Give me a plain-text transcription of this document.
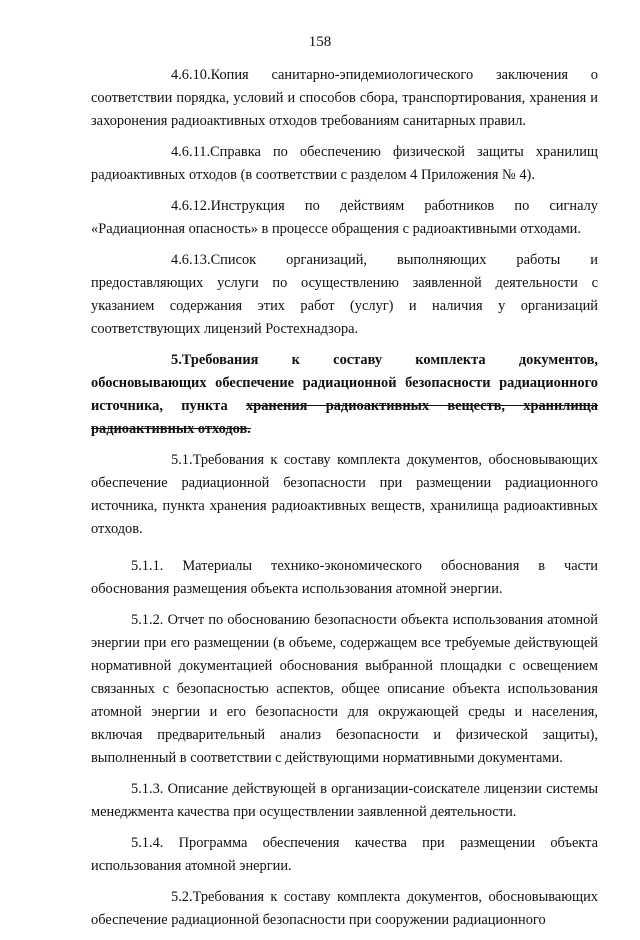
158

4.6.10.Копия санитарно-эпидемиологического заключения о соответствии порядка, условий и способов сбора, транспортирования, хранения и захоронения радиоактивных отходов требованиям санитарных правил.

4.6.11.Справка по обеспечению физической защиты хранилищ радиоактивных отходов (в соответствии с разделом 4 Приложения № 4).

4.6.12.Инструкция по действиям работников по сигналу «Радиационная опасность» в процессе обращения с радиоактивными отходами.

4.6.13.Список организаций, выполняющих работы и предоставляющих услуги по осуществлению заявленной деятельности с указанием содержания этих работ (услуг) и наличия у организаций соответствующих лицензий Ростехнадзора.

5.Требования к составу комплекта документов, обосновывающих обеспечение радиационной безопасности радиационного источника, пункта хранения радиоактивных веществ, хранилища радиоактивных отходов.

5.1.Требования к составу комплекта документов, обосновывающих обеспечение радиационной безопасности при размещении радиационного источника, пункта хранения радиоактивных веществ, хранилища радиоактивных отходов.

5.1.1. Материалы технико-экономического обоснования в части обоснования размещения объекта использования атомной энергии.

5.1.2. Отчет по обоснованию безопасности объекта использования атомной энергии при его размещении (в объеме, содержащем все требуемые действующей нормативной документацией обоснования выбранной площадки с освещением связанных с безопасностью аспектов, общее описание объекта использования атомной энергии и его безопасности для окружающей среды и населения, включая предварительный анализ безопасности и физической защиты), выполненный в соответствии с действующими нормативными документами.

5.1.3. Описание действующей в организации-соискателе лицензии системы менеджмента качества при осуществлении заявленной деятельности.

5.1.4. Программа обеспечения качества при размещении объекта использования атомной энергии.

5.2.Требования к составу комплекта документов, обосновывающих обеспечение радиационной безопасности при сооружении радиационного
